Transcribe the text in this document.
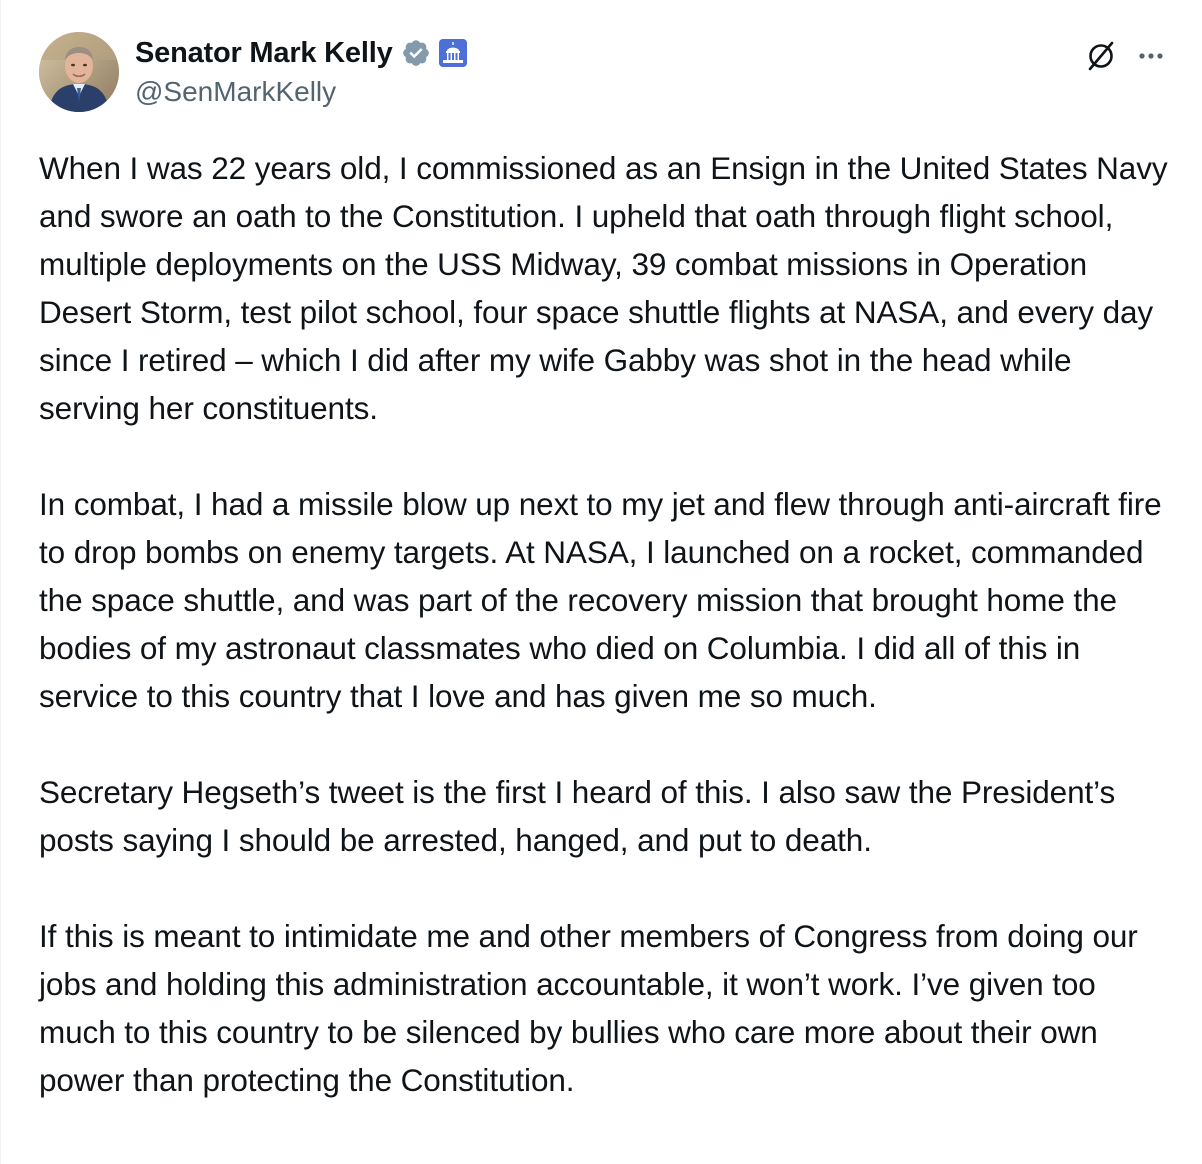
Senator Mark Kelly
@SenMarkKelly

When I was 22 years old, I commissioned as an Ensign in the United States Navy and swore an oath to the Constitution. I upheld that oath through flight school, multiple deployments on the USS Midway, 39 combat missions in Operation Desert Storm, test pilot school, four space shuttle flights at NASA, and every day since I retired – which I did after my wife Gabby was shot in the head while serving her constituents.

In combat, I had a missile blow up next to my jet and flew through anti-aircraft fire to drop bombs on enemy targets. At NASA, I launched on a rocket, commanded the space shuttle, and was part of the recovery mission that brought home the bodies of my astronaut classmates who died on Columbia. I did all of this in service to this country that I love and has given me so much.

Secretary Hegseth’s tweet is the first I heard of this. I also saw the President’s posts saying I should be arrested, hanged, and put to death.

If this is meant to intimidate me and other members of Congress from doing our jobs and holding this administration accountable, it won’t work. I’ve given too much to this country to be silenced by bullies who care more about their own power than protecting the Constitution.
